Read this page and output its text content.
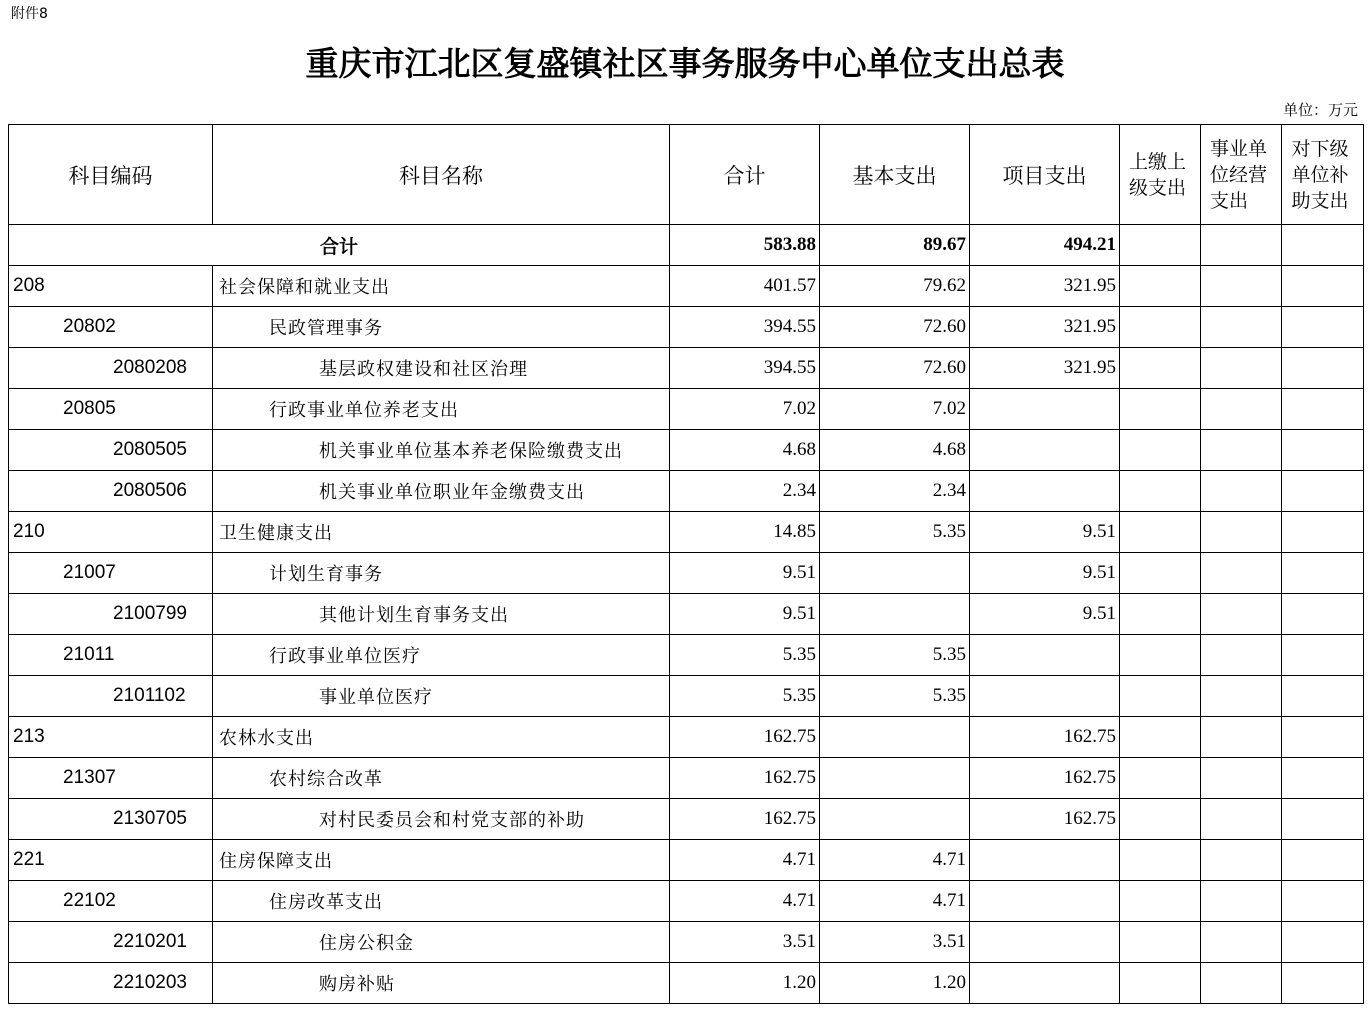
附件8
重庆市江北区复盛镇社区事务服务中心单位支出总表
单位：万元
科目编码	科目名称	合计	基本支出	项目支出	上缴上级支出	事业单位经营支出	对下级单位补助支出
合计		583.88	89.67	494.21			
208	社会保障和就业支出	401.57	79.62	321.95			
20802	民政管理事务	394.55	72.60	321.95			
2080208	基层政权建设和社区治理	394.55	72.60	321.95			
20805	行政事业单位养老支出	7.02	7.02				
2080505	机关事业单位基本养老保险缴费支出	4.68	4.68				
2080506	机关事业单位职业年金缴费支出	2.34	2.34				
210	卫生健康支出	14.85	5.35	9.51			
21007	计划生育事务	9.51		9.51			
2100799	其他计划生育事务支出	9.51		9.51			
21011	行政事业单位医疗	5.35	5.35				
2101102	事业单位医疗	5.35	5.35				
213	农林水支出	162.75		162.75			
21307	农村综合改革	162.75		162.75			
2130705	对村民委员会和村党支部的补助	162.75		162.75			
221	住房保障支出	4.71	4.71				
22102	住房改革支出	4.71	4.71				
2210201	住房公积金	3.51	3.51				
2210203	购房补贴	1.20	1.20				
